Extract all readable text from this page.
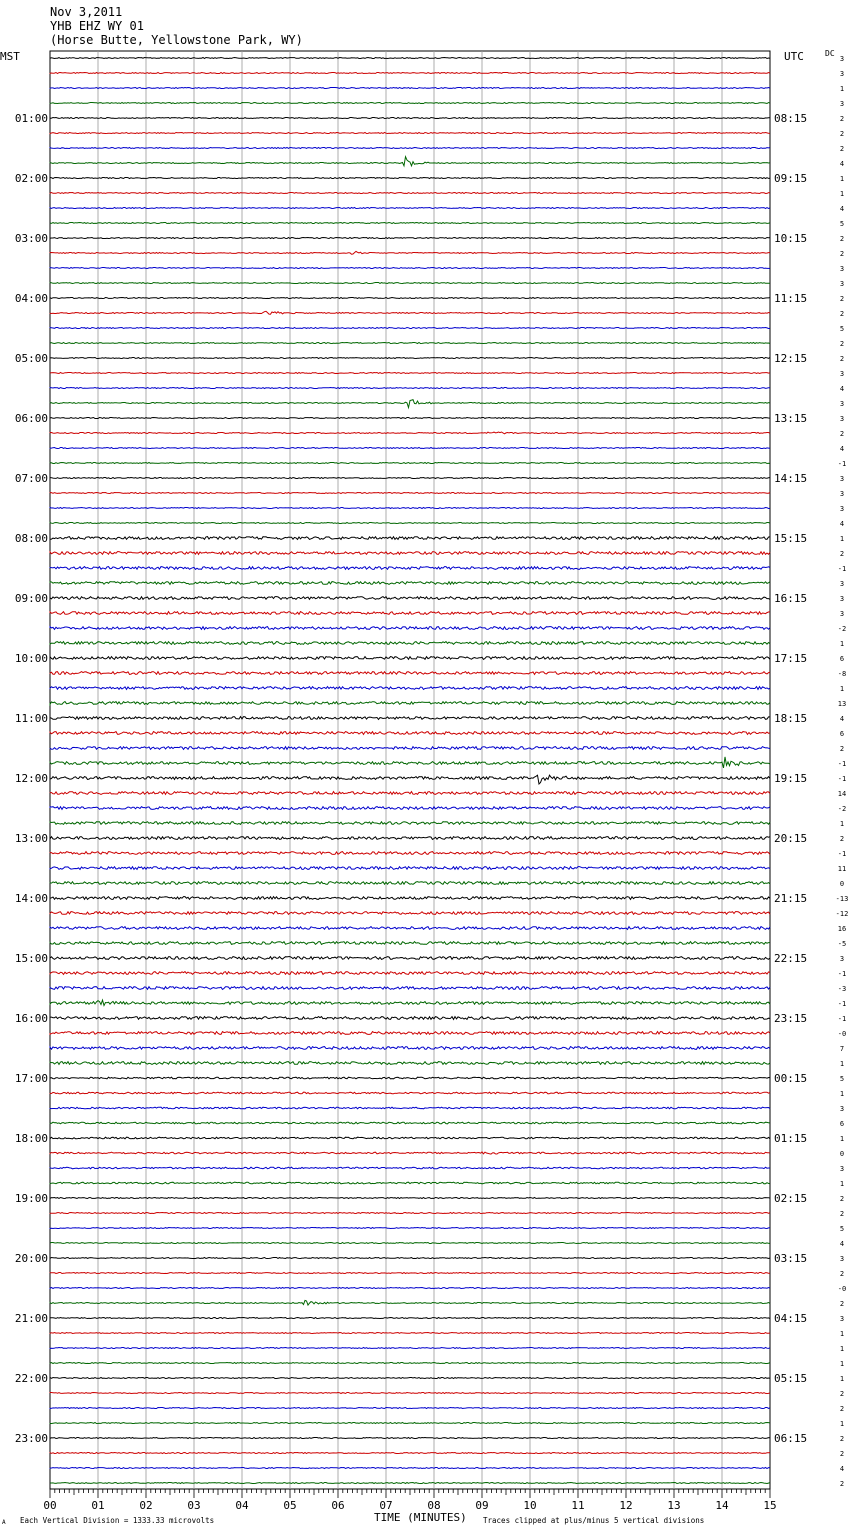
Nov 3,2011
YHB EHZ WY 01
(Horse Butte, Yellowstone Park, WY)
MST	UTC	DC
3
3
1
3
2
2
2
4
1
1
4
5
2
2
3
3
2
2
5
2
2
3
4
3
3
2
4
-1
3
3
3
4
1
2
-1
3
3
3
-2
1
6
-8
1
13
4
6
2
-1
-1
14
-2
1
2
-1
11
0
-13
-12
16
-5
3
-1
-3
-1
-1
-0
7
1
5
1
3
6
1
0
3
1
2
2
5
4
3
2
-0
2
3
1
1
1
1
2
2
1
2
2
4
2
01:00
02:00
03:00
04:00
05:00
06:00
07:00
08:00
09:00
10:00
11:00
12:00
13:00
14:00
15:00
16:00
17:00
18:00
19:00
20:00
21:00
22:00
23:00
08:15
09:15
10:15
11:15
12:15
13:15
14:15
15:15
16:15
17:15
18:15
19:15
20:15
21:15
22:15
23:15
00:15
01:15
02:15
03:15
04:15
05:15
06:15
00	01	02	03	04	05	06	07	08	09	10	11	12	13	14	15
TIME (MINUTES)
Each Vertical Division = 1333.33 microvolts	Traces clipped at plus/minus 5 vertical divisions
A
